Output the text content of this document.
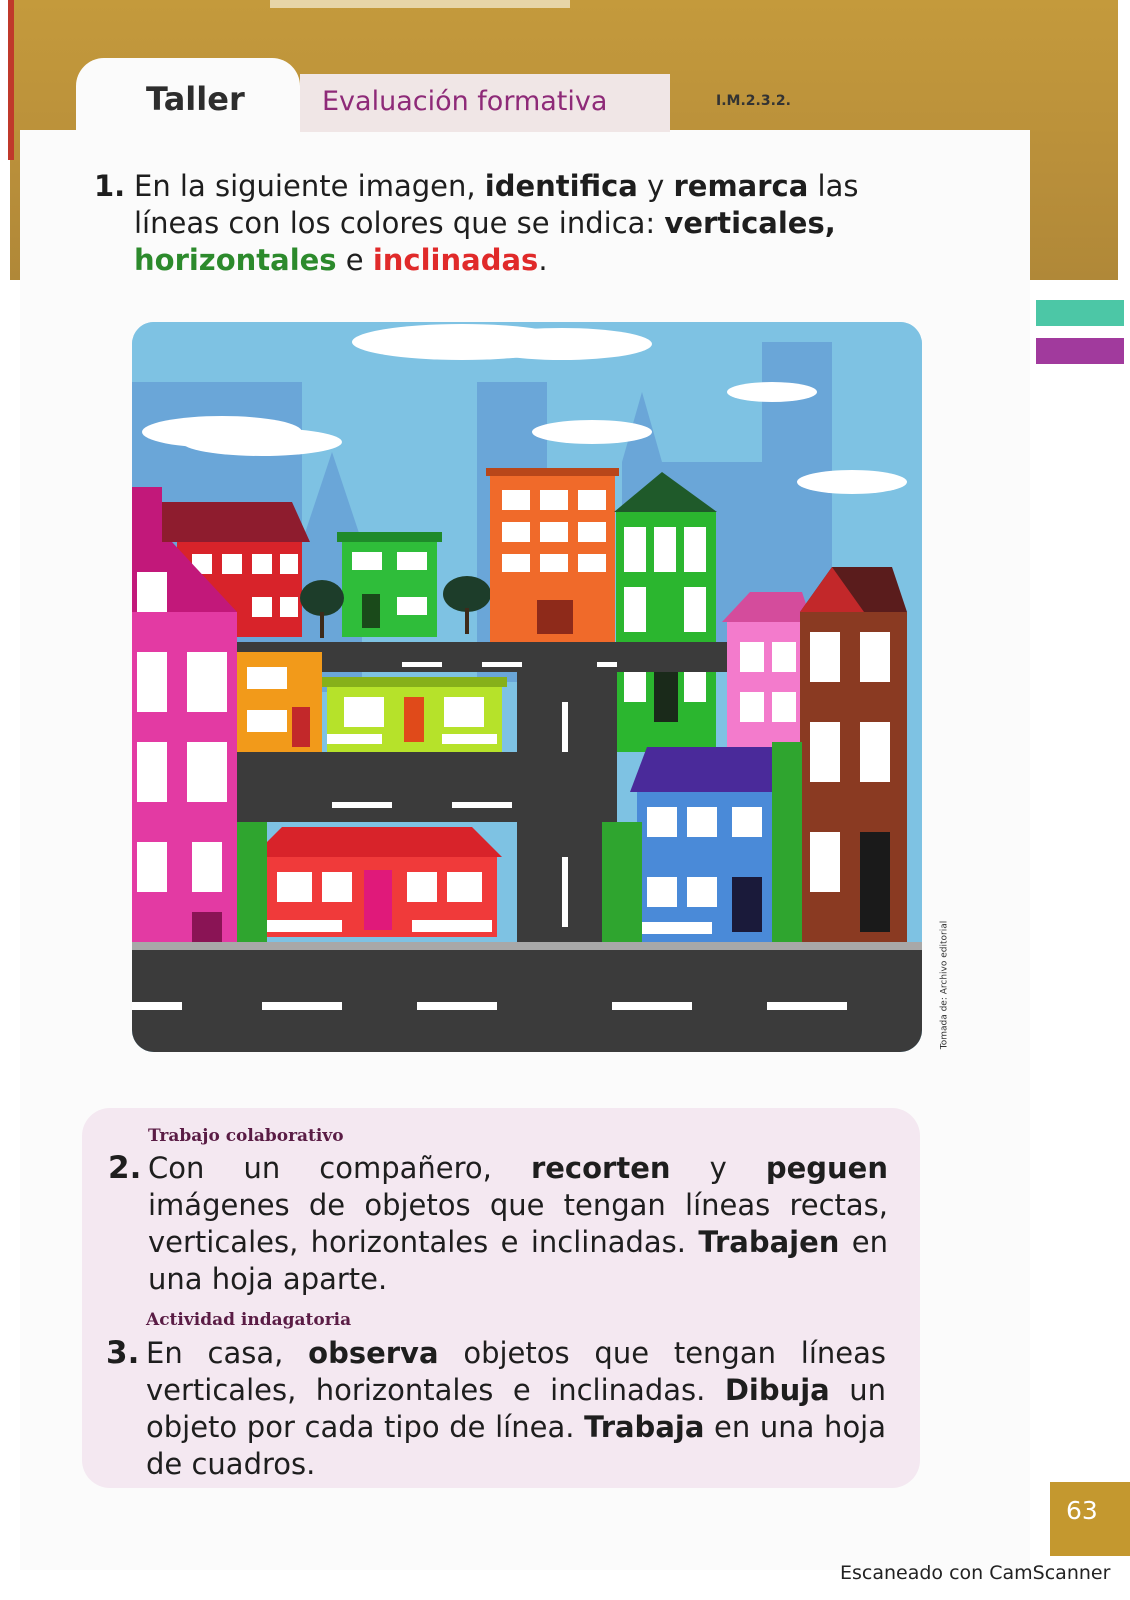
Taller	Evaluación formativa	I.M.2.3.2.
1. En la siguiente imagen, identifica y remarca las líneas con los colores que se indica: verticales, horizontales e inclinadas.
Tomada de: Archivo editorial
Trabajo colaborativo
2. Con un compañero, recorten y peguen imágenes de objetos que tengan líneas rectas, verticales, horizontales e inclinadas. Trabajen en una hoja aparte.
Actividad indagatoria
3. En casa, observa objetos que tengan líneas verticales, horizontales e inclinadas. Dibuja un objeto por cada tipo de línea. Trabaja en una hoja de cuadros.
63
Escaneado con CamScanner
